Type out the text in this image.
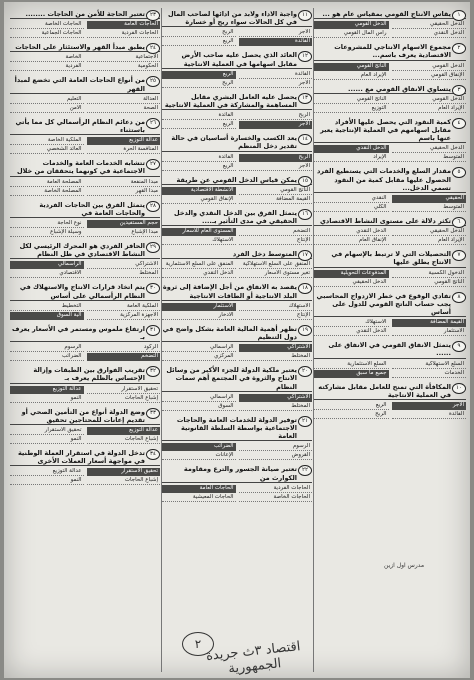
١
يقاس الانتاج القومي بمقياس عام هو ...
الدخل الحقيقي
الدخل القومي
الدخل النقدي
رأس المال القومي
٢
مجموع الاسهام الانتاجي للمشروعات الاقتصادية يعرف باسم...
الدخل القومي
الناتج القومي
الإنفاق القومي
الإيراد العام
٣
يتساوي الانفاق القومي مع ......
الدخل القومي
الناتج القومي
الإيراد العام
التوزيع
٤
كمية النقود التي يحصل عليها الأفراد مقابل اسهامهم في العملية الإنتاجية يعبر عنها باسم
الدخل الحقيقي
الدخل النقدي
المتوسط
الإيراد
٥
مقدار السلع والخدمات التي يستطيع الفرد الحصول عليها مقابل كمية من النقود تسمي الدخل...
الحقيقي
النقدي
المتوسط
الكلي
٦
تكثر دلالة على مستوى النشاط الاقتصادي
الدخل الحقيقي
الدخل النقدي
الإيراد العام
الإنفاق العام
٧
التحصيلات التي لا ترتبط بالإسهام في الانتاج يطلق عليها
الدخول الكسبية
المدفوعات التحويلية
الناتج القومي
الدخل الحقيقي
٨
تفادي الوقوع في خطر الازدواج المحاسبي يجب حساب الناتج القومي للدول على أساس
القيمة المضافة
الاستهلاك
الاستثمار
الدخل النقدي
٩
يتمثل الانفاق القومي في الانفاق على ......
السلع الاستهلاكية
السلع الاستثمارية
الخدمات
جميع ما سبق
١٠
المكافأة التي تمنح للعامل مقابل مشاركته في العملية الانتاجية
الأجر
الريع
الفائدة
الربح
١١
واجبة الاداء ولابد من ادائها لصاحب المال في كل الحالات سواء ربح أو خسارة
الأجر
الربح
الفائدة
الريع
١٢
العائد الذي يحصل عليه صاحب الأرض مقابل اسهامها في العملية الانتاجية
الفائدة
الريع
الأجر
الربح
١٣
يحصل عليه العامل البشري مقابل المساهمة والمشاركة في العملية الانتاجية
الربح
الفائدة
الأجر
الريع
١٤
يعد الكسب والخسارة أساسيان في حالة تقدير دخل المنظم
الربح
الفائدة
الأجر
الريع
١٥
يمكن قياس الدخل القومي عن طريقة
الناتج القومي
الأنشطة الاقتصادية
القيمة المضافة
الإنفاق القومي
١٦
يتمثل الفرق بين الدخل النقدي والدخل الحقيقي في مدى التأثير بـ....
التضخم
المستوى العام للأسعار
الإنتاج
الاستهلاك
١٧
المتوسط دخل الفرد
المنفق على السلع الاستهلاكية
المنفق على السلع الاستثمارية
تغير مستوى الأسعار
الدخل النقدي
١٨
يقصد به الانفاق من أجل الإضافة إلى ثروة البلد الانتاجية أو الطاقات الانتاجية
الاستهلاك
الاستثمار
الإنتاج
الادخار
١٩
تظهر أهمية المالية العامة بشكل واضح في دول التنظيم
الاشتراكي
الرأسمالي
المختلط
المركزي
٢٠
يعتبر ملكية الدولة للجزء الأكبر من وسائل الانتاج والثروة في المجتمع أهم سمات النظام
الاشتراكي
الرأسمالي
المختلط
السوق
٢١
توفير الدولة للخدمات العامة والحاجات الاجتماعية بواسطة السلطة القانونية العامة
الرسوم
الضرائب
القروض
الإعانات
٢٢
تعتبر صيانة الجسور والترع ومقاومة الكوارث من
الحاجات الفردية
الحاجات العامة
الحاجات الخاصة
الحاجات المعيشية
٢٣
تعتبر الحاجة للأمن من الحاجات ........
الحاجات العامة
الحاجات الخاصة
الحاجات الفردية
الحاجات الجماعية
٢٤
يطبق مبدأ القهر والاستئثار على الحاجات
الاجتماعية
الخاصة
الحكومية
الفردية
٢٥
من أنواع الحاجات العامة التي تخضع لمبدأ القهر
العدالة
التعليم
الصحة
الأمن
٢٦
من دعائم النظام الرأسمالي كل مما يأتي باستثناء
عدالة التوزيع
الملكية الخاصة
المنافسة الحرة
العائد الشخصي
٢٧
تتشابه الخدمات العامة والخدمات الاجتماعية في كونهما يتحققان من خلال
مبدأ المنفعة
المصلحة العامة
مبدأ القهر
المصلحة الخاصة
٢٨
يتمثل الفرق بين الحاجات الفردية والحاجات العامة في
حجم المستفيدين
نوع الحاجة
مبدأ الإشباع
وسيلة الإشباع
٢٩
الحافز الفردي هو المحرك الرئيسي لكل النشاط الاقتصادي في ظل النظام
الاشتراكي
الرأسمالي
المختلط
الاقتصادي
٣٠
يتم اتخاذ قرارات الانتاج والاستهلاك في النظام الرأسمالي على أساس
الملكية العامة
التخطيط
الأجهزة المركزية
آلية السوق
٣١
ارتفاع ملموس ومستمر في الأسعار يعرف بـ
الركود
الرسوم
التضخم
الضرائب
٣٢
تقريب الفوارق بين الطبقات وإزالة الإحساس بالظلم يعرف بـ
تحقيق الاستقرار
عدالة التوزيع
إشباع الحاجات
النمو
٣٣
وضع الدولة أنواع من التأمين الصحي أو تقديم إعانات للمحتاجين تحقيق
عدالة التوزيع
تحقيق الاستقرار
إشباع الحاجات
النمو
٣٤
تدخل الدولة في استقرار العملة الوطنية في مواجهة أسعار العملات الأخرى
تحقيق الاستقرار
عدالة التوزيع
إشباع الحاجات
النمو
مدرس اول ازين
٢ اقتصاد ٣ث جريدة الجمهورية
